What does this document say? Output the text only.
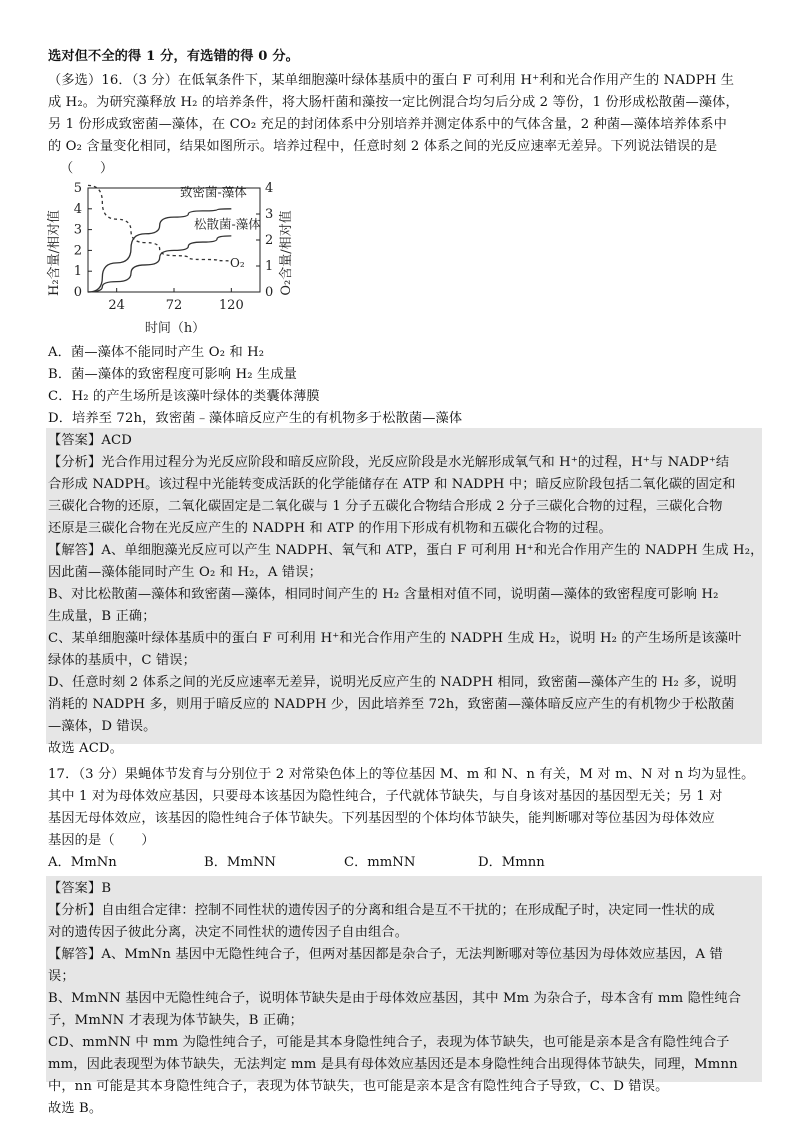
选对但不全的得 1 分，有选错的得 0 分。
（多选）16．（3 分）在低氧条件下，某单细胞藻叶绿体基质中的蛋白 F 可利用 H⁺利和光合作用产生的 NADPH 生
成 H₂。为研究藻释放 H₂ 的培养条件，将大肠杆菌和藻按一定比例混合均匀后分成 2 等份，1 份形成松散菌—藻体，
另 1 份形成致密菌—藻体，在 CO₂ 充足的封闭体系中分别培养并测定体系中的气体含量，2 种菌—藻体培养体系中
的 O₂ 含量变化相同，结果如图所示。培养过程中，任意时刻 2 体系之间的光反应速率无差异。下列说法错误的是
（　　）
H₂含量/相对值	O₂含量/相对值
时间（h）
0
1
2
3
4
5
0
1
2
3
4
24	72	120
致密菌-藻体
松散菌-藻体
O₂
A．菌—藻体不能同时产生 O₂ 和 H₂
B．菌—藻体的致密程度可影响 H₂ 生成量
C．H₂ 的产生场所是该藻叶绿体的类囊体薄膜
D．培养至 72h，致密菌﹣藻体暗反应产生的有机物多于松散菌—藻体
【答案】ACD
【分析】光合作用过程分为光反应阶段和暗反应阶段，光反应阶段是水光解形成氧气和 H⁺的过程，H⁺与 NADP⁺结
合形成 NADPH。该过程中光能转变成活跃的化学能储存在 ATP 和 NADPH 中；暗反应阶段包括二氧化碳的固定和
三碳化合物的还原，二氧化碳固定是二氧化碳与 1 分子五碳化合物结合形成 2 分子三碳化合物的过程，三碳化合物
还原是三碳化合物在光反应产生的 NADPH 和 ATP 的作用下形成有机物和五碳化合物的过程。
【解答】A、单细胞藻光反应可以产生 NADPH、氧气和 ATP，蛋白 F 可利用 H⁺和光合作用产生的 NADPH 生成 H₂，
因此菌—藻体能同时产生 O₂ 和 H₂，A 错误；
B、对比松散菌—藻体和致密菌—藻体，相同时间产生的 H₂ 含量相对值不同，说明菌—藻体的致密程度可影响 H₂
生成量，B 正确；
C、某单细胞藻叶绿体基质中的蛋白 F 可利用 H⁺和光合作用产生的 NADPH 生成 H₂，说明 H₂ 的产生场所是该藻叶
绿体的基质中，C 错误；
D、任意时刻 2 体系之间的光反应速率无差异，说明光反应产生的 NADPH 相同，致密菌—藻体产生的 H₂ 多，说明
消耗的 NADPH 多，则用于暗反应的 NADPH 少，因此培养至 72h，致密菌—藻体暗反应产生的有机物少于松散菌
—藻体，D 错误。
故选 ACD。
17．（3 分）果蝇体节发育与分别位于 2 对常染色体上的等位基因 M、m 和 N、n 有关，M 对 m、N 对 n 均为显性。
其中 1 对为母体效应基因，只要母本该基因为隐性纯合，子代就体节缺失，与自身该对基因的基因型无关；另 1 对
基因无母体效应，该基因的隐性纯合子体节缺失。下列基因型的个体均体节缺失，能判断哪对等位基因为母体效应
基因的是（　　）
A．MmNn	B．MmNN	C．mmNN	D．Mmnn
【答案】B
【分析】自由组合定律：控制不同性状的遗传因子的分离和组合是互不干扰的；在形成配子时，决定同一性状的成
对的遗传因子彼此分离，决定不同性状的遗传因子自由组合。
【解答】A、MmNn 基因中无隐性纯合子，但两对基因都是杂合子，无法判断哪对等位基因为母体效应基因，A 错
误；
B、MmNN 基因中无隐性纯合子，说明体节缺失是由于母体效应基因，其中 Mm 为杂合子，母本含有 mm 隐性纯合
子，MmNN 才表现为体节缺失，B 正确；
CD、mmNN 中 mm 为隐性纯合子，可能是其本身隐性纯合子，表现为体节缺失，也可能是亲本是含有隐性纯合子
mm，因此表现型为体节缺失，无法判定 mm 是具有母体效应基因还是本身隐性纯合出现得体节缺失，同理，Mmnn
中，nn 可能是其本身隐性纯合子，表现为体节缺失，也可能是亲本是含有隐性纯合子导致，C、D 错误。
故选 B。
